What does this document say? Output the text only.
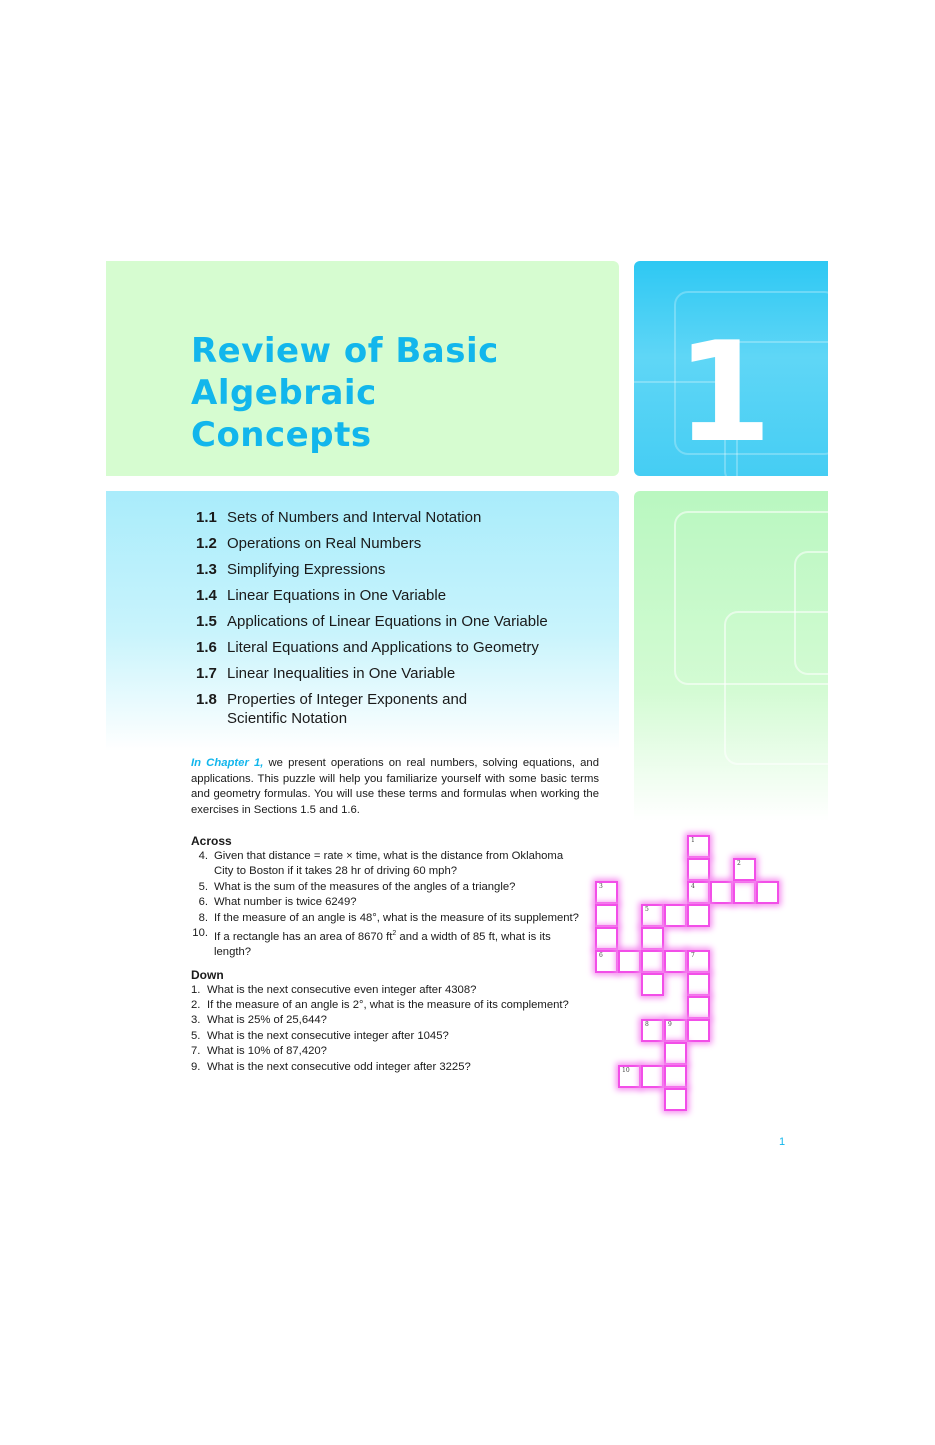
Review of Basic
Algebraic
Concepts	1
1.1 Sets of Numbers and Interval Notation
1.2 Operations on Real Numbers
1.3 Simplifying Expressions
1.4 Linear Equations in One Variable
1.5 Applications of Linear Equations in One Variable
1.6 Literal Equations and Applications to Geometry
1.7 Linear Inequalities in One Variable
1.8 Properties of Integer Exponents and Scientific Notation

In Chapter 1, we present operations on real numbers, solving equations, and applications. This puzzle will help you familiarize yourself with some basic terms and geometry formulas. You will use these terms and formulas when working the exercises in Sections 1.5 and 1.6.

Across
4. Given that distance = rate × time, what is the distance from Oklahoma City to Boston if it takes 28 hr of driving 60 mph?
5. What is the sum of the measures of the angles of a triangle?
6. What number is twice 6249?
8. If the measure of an angle is 48°, what is the measure of its supplement?
10. If a rectangle has an area of 8670 $ft^2$ and a width of 85 ft, what is its length?
Down
1. What is the next consecutive even integer after 4308?
2. If the measure of an angle is 2°, what is the measure of its complement?
3. What is 25% of 25,644?
5. What is the next consecutive integer after 1045?
7. What is 10% of 87,420?
9. What is the next consecutive odd integer after 3225?
1
4
2
3
6
5
7
8	9
10
1
